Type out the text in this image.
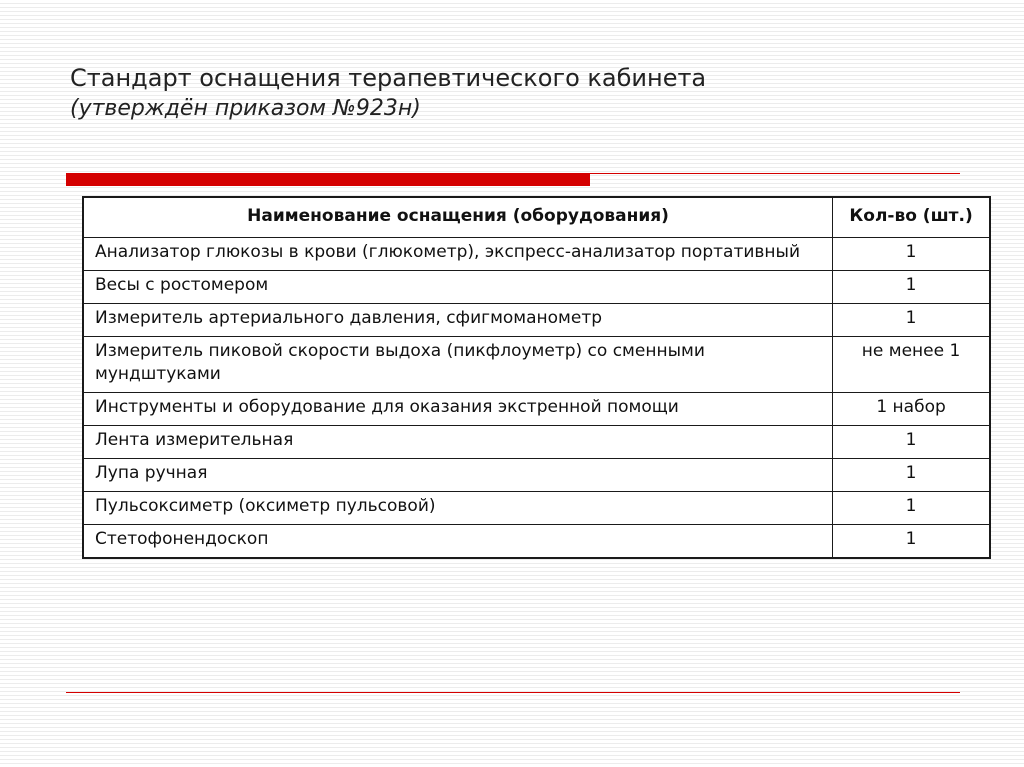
Стандарт оснащения терапевтического кабинета
(утверждён приказом №923н)
Наименование оснащения (оборудования)	Кол-во (шт.)
Анализатор глюкозы в крови (глюкометр), экспресс-анализатор портативный	1
Весы с ростомером	1
Измеритель артериального давления, сфигмоманометр	1
Измеритель пиковой скорости выдоха (пикфлоуметр) со сменными мундштуками	не менее 1
Инструменты и оборудование для оказания экстренной помощи	1 набор
Лента измерительная	1
Лупа ручная	1
Пульсоксиметр (оксиметр пульсовой)	1
Стетофонендоскоп	1
